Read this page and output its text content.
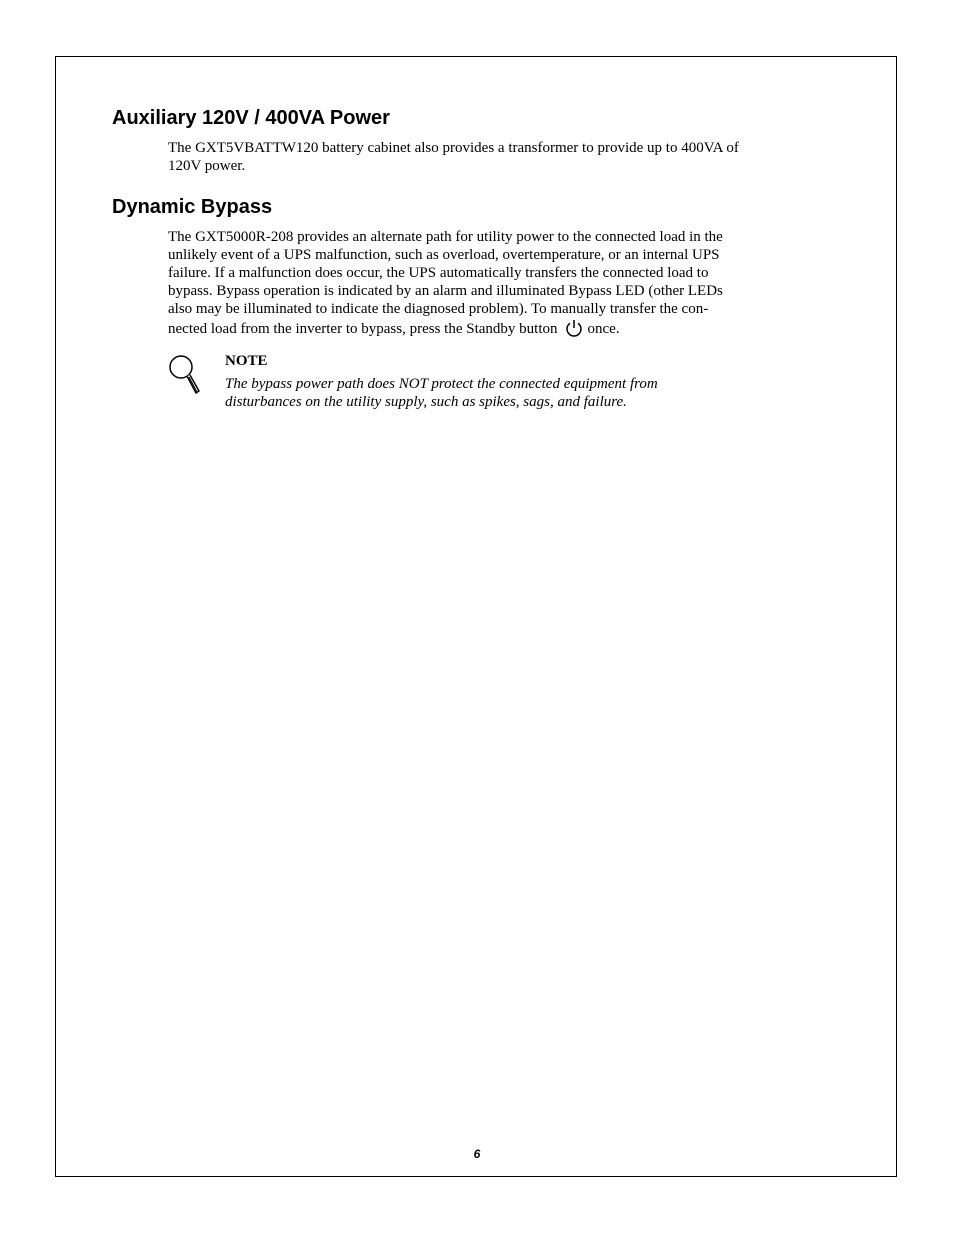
Auxiliary 120V / 400VA Power

The GXT5VBATTW120 battery cabinet also provides a transformer to provide up to 400VA of
120V power.

Dynamic Bypass

The GXT5000R-208 provides an alternate path for utility power to the connected load in the
unlikely event of a UPS malfunction, such as overload, overtemperature, or an internal UPS
failure. If a malfunction does occur, the UPS automatically transfers the connected load to
bypass. Bypass operation is indicated by an alarm and illuminated Bypass LED (other LEDs
also may be illuminated to indicate the diagnosed problem). To manually transfer the con-
nected load from the inverter to bypass, press the Standby button once.

NOTE

The bypass power path does NOT protect the connected equipment from
disturbances on the utility supply, such as spikes, sags, and failure.

6
